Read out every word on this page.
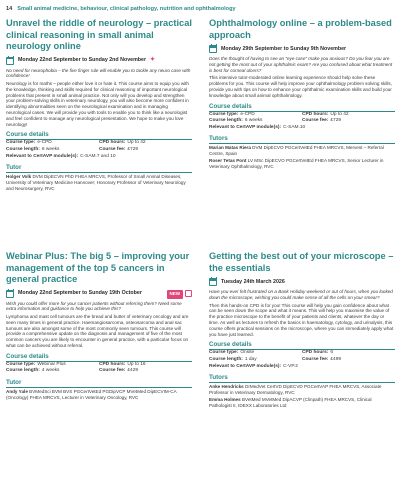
14 Small animal medicine, behaviour, clinical pathology, nutrition and ophthalmology
Unravel the riddle of neurology – practical clinical reasoning in small animal neurology online
Monday 22nd September to Sunday 2nd November ✦
No need for neurophobia – the five finger rule will enable you to tackle any neuro case with confidence!
Neurology is for maths – people either love it or hate it. This course aims to equip you with the knowledge, thinking and skills required for clinical reasoning of important neurological problems that present in small animal practice. Not only will you develop and strengthen your problem-solving skills in veterinary neurology, you will also become more confident in identifying abnormalities seen on the neurological examination and in managing neurological cases. We will provide you with tools to enable you to think like a neurologist and feel confident to manage any neurological presentation. We hope to make you love neurology!
Course details
Course type: e-CPD	CPD hours: Up to 42
Course length: 6 weeks	Course fee: £729
Relevant to CertAVP module(s): C-SAM.7 and 10
Tutor
Holger Volk DVM DipECVN PhD FHEA MRCVS, Professor of Small Animal Diseases, University of Veterinary Medicine Hannover; Honorary Professor of Veterinary Neurology and Neurosurgery, RVC
Ophthalmology online – a problem-based approach
Monday 29th September to Sunday 9th November
Does the thought of having to see an "eye case" make you anxious? Do you fear you are not getting the most out of your ophthalmic exam? Are you confused about what treatment is best for corneal ulcers?
This intensive tutor-moderated online learning experience should help solve these problems for you. This course will help improve your ophthalmology problem solving skills, provide you with tips on how to enhance your ophthalmic examination skills and build your knowledge about small animal ophthalmology.
Course details
Course type: e-CPD	CPD hours: Up to 42
Course length: 6 weeks	Course fee: £729
Relevant to CertAVP module(s): C-SAM.10
Tutors
Marian Matas Riera DVM DipECVO PGCertVetEd FHEA MRCVS, Mervest – Referral Centre, Spain
Roser Tetas Pont LV MSc DipECVO PGCertVetEd FHEA MRCVS, Senior Lecturer in Veterinary Ophthalmology, RVC
Webinar Plus: The big 5 – improving your management of the top 5 cancers in general practice
Monday 22nd September to Sunday 19th October	NEW
Wish you could offer more for your cancer patients without referring them? Need some extra information and guidance to help you achieve this?
Lymphoma and mast cell tumours are the bread and butter of veterinary oncology and are seen many times in general practice. Haemangiosarcoma, osteosarcoma and anal sac tumours are also amongst some of the most commonly seen tumours. This course will provide a comprehensive update on the diagnosis and management of five of the most common cancers you are likely to encounter in general practice, with a particular focus on what can be achieved without referral.
Course details
Course type: Webinar Plus	CPD hours: Up to 16
Course length: 4 weeks	Course fee: £429
Tutor
Andy Yale BVMedSci BVM BVS PGCertVetEd PGDipVCP MVetMed DipECVIM-CA (Oncology) FHEA MRCVS, Lecturer in Veterinary Oncology, RVC
Getting the best out of your microscope – the essentials
Tuesday 24th March 2026
Have you ever felt frustrated on a Bank Holiday weekend or out of hours, when you looked down the microscope, wishing you could make sense of all the cells on your smear?
Then this hands-on CPD is for you! This course will help you gain confidence about what can be seen down the scope and what it means. This will help you maximise the value of the practice microscope to the benefit of your patients and clients, whatever the day or time. As well as lectures to refresh the basics in haematology, cytology, and urinalysis, this course offers practical sessions on the microscope, where you can immediately apply what you have just learned.
Course details
Course type: Onsite	CPD hours: 6
Course length: 1 day	Course fee: £499
Relevant to CertAVP module(s): C-VP.2
Tutors
Anke Hendricks DrMedVet CertVD DipECVD PGCertVAP FHEA MRCVS, Associate Professor in Veterinary Dermatology, RVC
Emma Holmes BVetMed MVetMed DipACVP (Clinpath) FHEA MRCVS, Clinical Pathologist II, IDEXX Laboratories Ltd
